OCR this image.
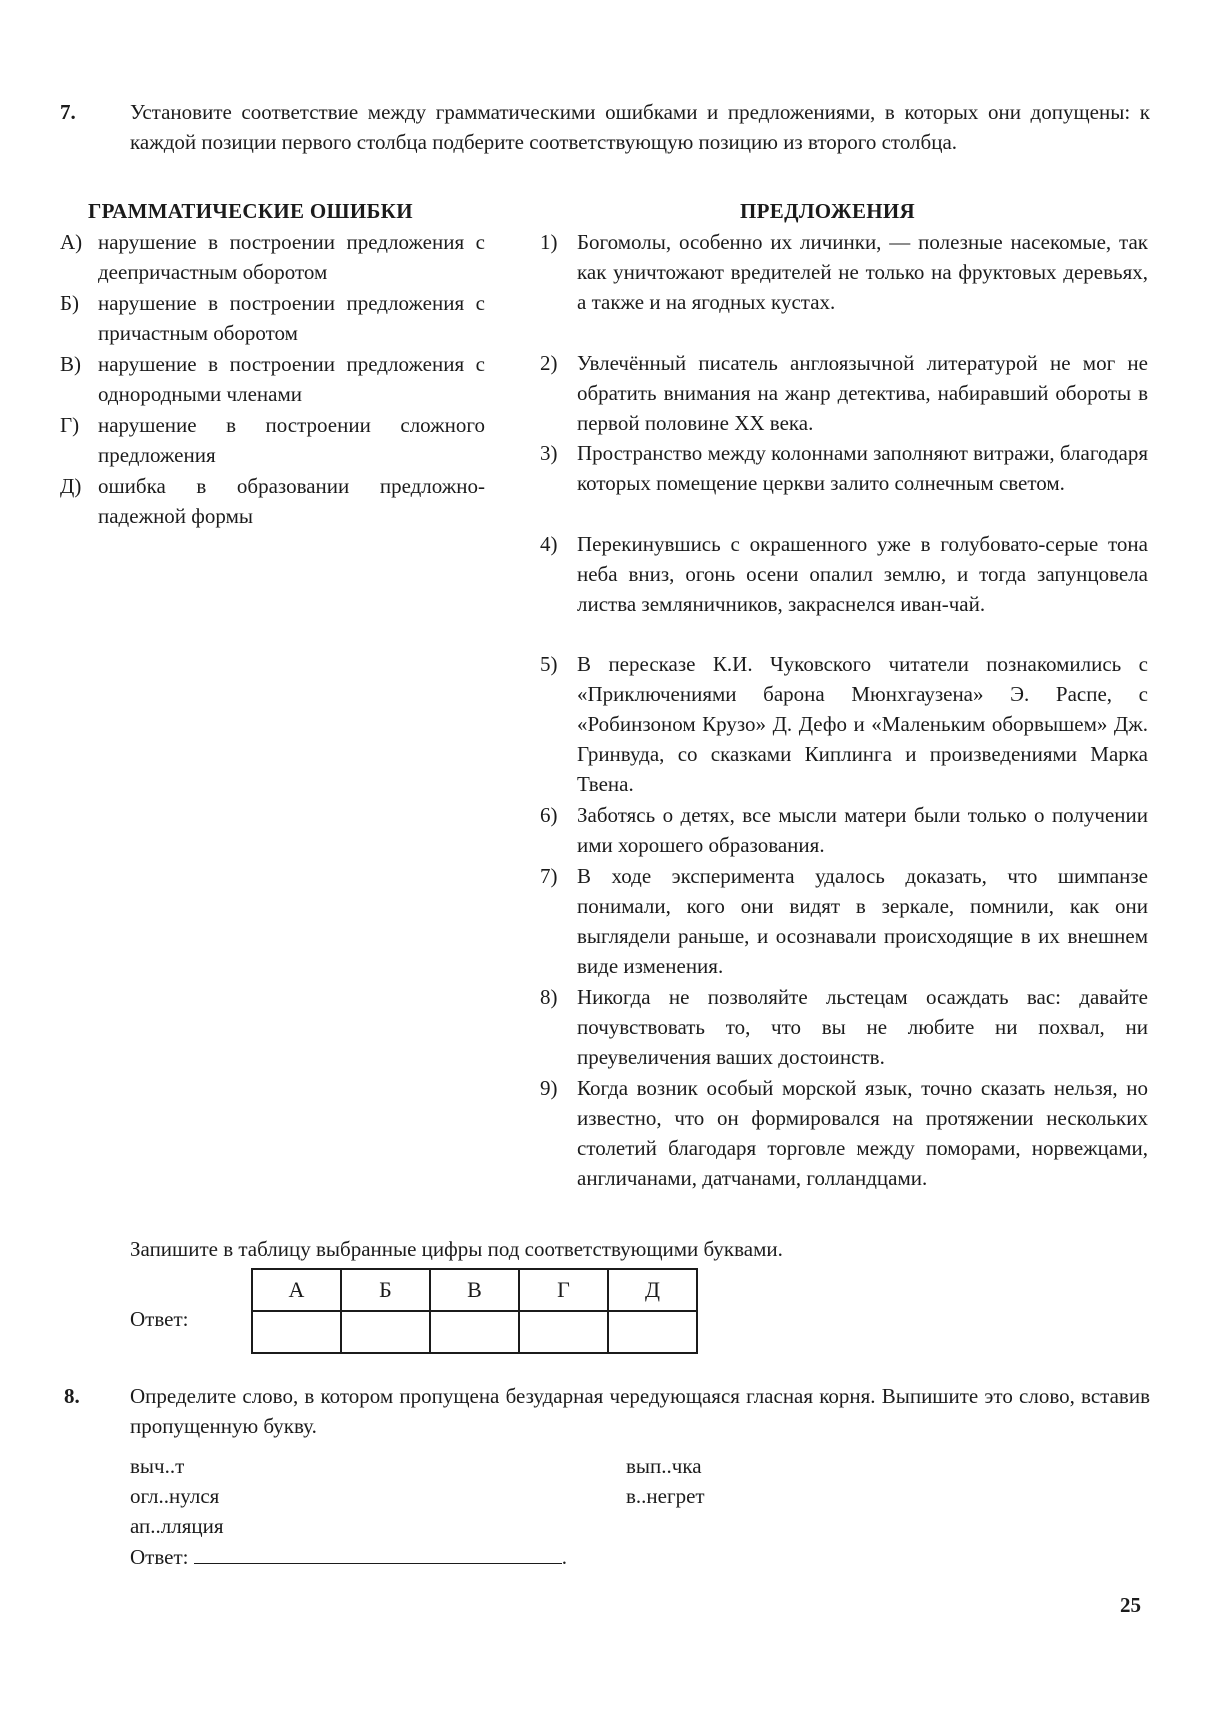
7.	Установите соответствие между грамматическими ошибками и предложениями, в которых они допущены: к каждой позиции первого столбца подберите соответствующую позицию из второго столбца.
ГРАММАТИЧЕСКИЕ ОШИБКИ	ПРЕДЛОЖЕНИЯ
А) нарушение в построении предложения с деепричастным оборотом
Б) нарушение в построении предложения с причастным оборотом
В) нарушение в построении предложения с однородными членами
Г) нарушение в построении сложного предложения
Д) ошибка в образовании предложно-падежной формы
1) Богомолы, особенно их личинки, — полезные насекомые, так как уничтожают вредителей не только на фруктовых деревьях, а также и на ягодных кустах.
2) Увлечённый писатель англоязычной литературой не мог не обратить внимания на жанр детектива, набиравший обороты в первой половине XX века.
3) Пространство между колоннами заполняют витражи, благодаря которых помещение церкви залито солнечным светом.
4) Перекинувшись с окрашенного уже в голубовато-серые тона неба вниз, огонь осени опалил землю, и тогда запунцовела листва земляничников, закраснелся иван-чай.
5) В пересказе К.И. Чуковского читатели познакомились с «Приключениями барона Мюнхгаузена» Э. Распе, с «Робинзоном Крузо» Д. Дефо и «Маленьким оборвышем» Дж. Гринвуда, со сказками Киплинга и произведениями Марка Твена.
6) Заботясь о детях, все мысли матери были только о получении ими хорошего образования.
7) В ходе эксперимента удалось доказать, что шимпанзе понимали, кого они видят в зеркале, помнили, как они выглядели раньше, и осознавали происходящие в их внешнем виде изменения.
8) Никогда не позволяйте льстецам осаждать вас: давайте почувствовать то, что вы не любите ни похвал, ни преувеличения ваших достоинств.
9) Когда возник особый морской язык, точно сказать нельзя, но известно, что он формировался на протяжении нескольких столетий благодаря торговле между поморами, норвежцами, англичанами, датчанами, голландцами.
Запишите в таблицу выбранные цифры под соответствующими буквами.
Ответ:
А	Б	В	Г	Д

8. Определите слово, в котором пропущена безударная чередующаяся гласная корня. Выпишите это слово, вставив пропущенную букву.
выч..т
огл..нулся
ап..лляция
вып..чка
в..негрет
Ответ:	.
25
